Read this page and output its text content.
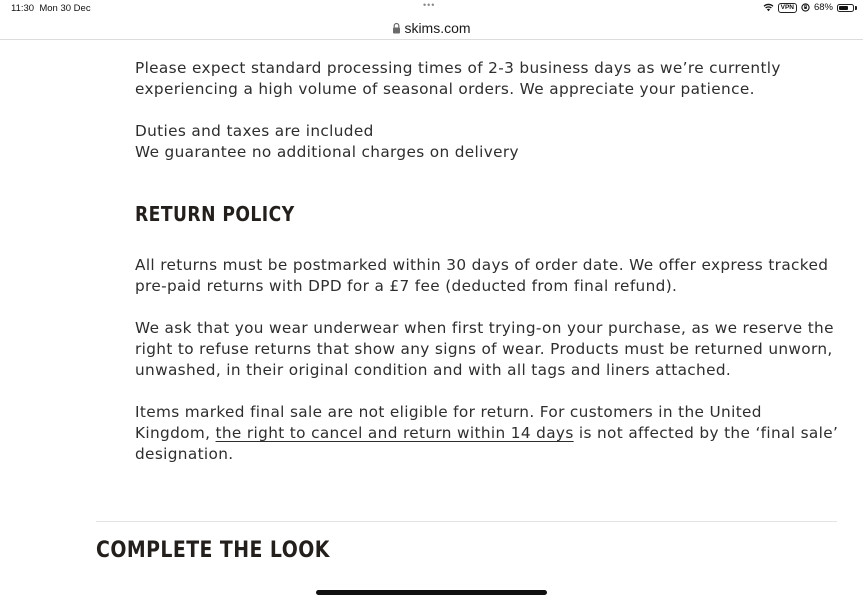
11:30 Mon 30 Dec	•••	VPN	68%
skims.com

Please expect standard processing times of 2-3 business days as we’re currently experiencing a high volume of seasonal orders. We appreciate your patience.

Duties and taxes are included
We guarantee no additional charges on delivery

RETURN POLICY

All returns must be postmarked within 30 days of order date. We offer express tracked pre-paid returns with DPD for a £7 fee (deducted from final refund).

We ask that you wear underwear when first trying-on your purchase, as we reserve the right to refuse returns that show any signs of wear. Products must be returned unworn, unwashed, in their original condition and with all tags and liners attached.

Items marked final sale are not eligible for return. For customers in the United Kingdom, the right to cancel and return within 14 days is not affected by the ‘final sale’ designation.

COMPLETE THE LOOK
